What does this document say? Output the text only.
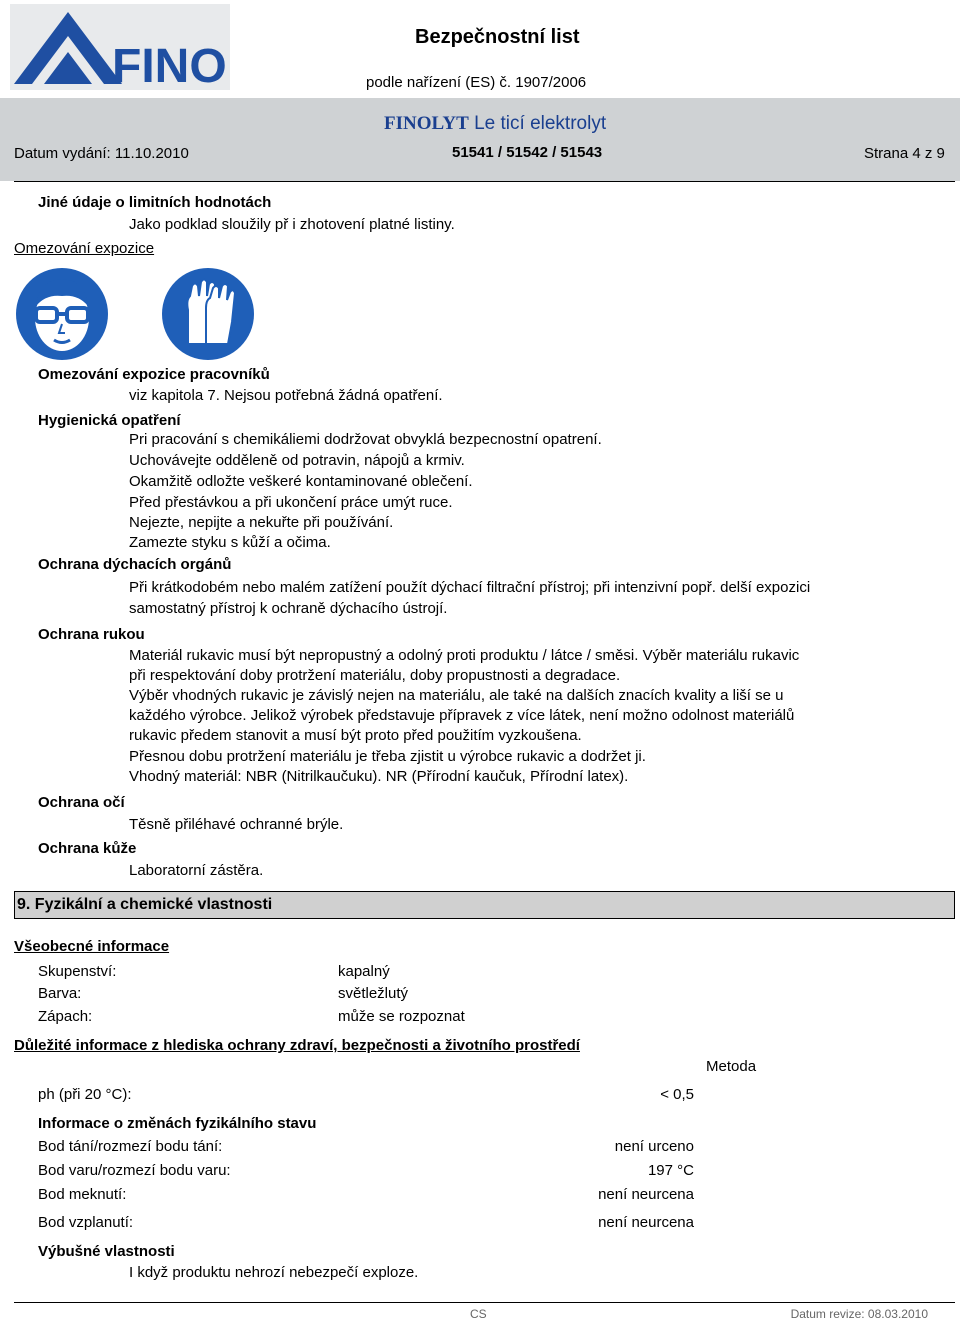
FINO
Bezpečnostní list
podle nařízení (ES) č. 1907/2006
FINOLYT Le ticí elektrolyt
Datum vydání: 11.10.2010	51541 / 51542 / 51543	Strana 4 z 9
Jiné údaje o limitních hodnotách
Jako podklad sloužily př i zhotovení platné listiny.
Omezování expozice
Omezování expozice pracovníků
viz kapitola 7. Nejsou potřebná žádná opatření.
Hygienická opatření
Pri pracování s chemikáliemi dodržovat obvyklá bezpecnostní opatrení.
Uchovávejte odděleně od potravin, nápojů a krmiv.
Okamžitě odložte veškeré kontaminované oblečení.
Před přestávkou a při ukončení práce umýt ruce.
Nejezte, nepijte a nekuřte při používání.
Zamezte styku s kůží a očima.
Ochrana dýchacích orgánů
Při krátkodobém nebo malém zatížení použít dýchací filtrační přístroj; při intenzivní popř. delší expozici
samostatný přístroj k ochraně dýchacího ústrojí.
Ochrana rukou
Materiál rukavic musí být nepropustný a odolný proti produktu / látce / směsi. Výběr materiálu rukavic
při respektování doby protržení materiálu, doby propustnosti a degradace.
Výběr vhodných rukavic je závislý nejen na materiálu, ale také na dalších znacích kvality a liší se u
každého výrobce. Jelikož výrobek představuje přípravek z více látek, není možno odolnost materiálů
rukavic předem stanovit a musí být proto před použitím vyzkoušena.
Přesnou dobu protržení materiálu je třeba zjistit u výrobce rukavic a dodržet ji.
Vhodný materiál: NBR (Nitrilkaučuku). NR (Přírodní kaučuk, Přírodní latex).
Ochrana očí
Těsně přiléhavé ochranné brýle.
Ochrana kůže
Laboratorní zástěra.
9. Fyzikální a chemické vlastnosti
Všeobecné informace
Skupenství:	kapalný
Barva:	světležlutý
Zápach:	může se rozpoznat
Důležité informace z hlediska ochrany zdraví, bezpečnosti a životního prostředí
Metoda
ph (při 20 °C):	< 0,5
Informace o změnách fyzikálního stavu
Bod tání/rozmezí bodu tání:	není urceno
Bod varu/rozmezí bodu varu:	197 °C
Bod meknutí:	není neurcena
Bod vzplanutí:	není neurcena
Výbušné vlastnosti
I když produktu nehrozí nebezpečí exploze.
CS	Datum revize: 08.03.2010
